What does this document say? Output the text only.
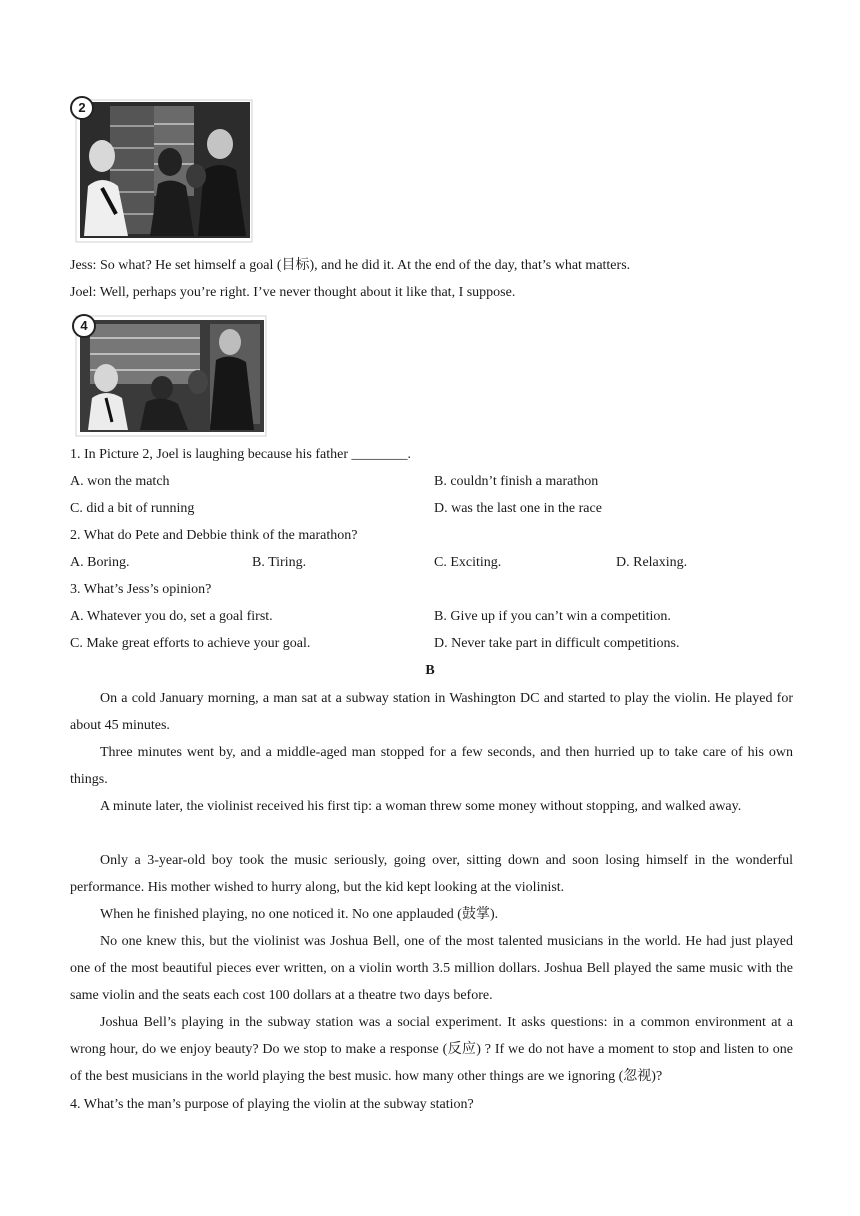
2
Jess: So what? He set himself a goal (目标), and he did it. At the end of the day, that’s what matters.
Joel: Well, perhaps you’re right. I’ve never thought about it like that, I suppose.
4
1. In Picture 2, Joel is laughing because his father ________.
A. won the match	B. couldn’t finish a marathon
C. did a bit of running	D. was the last one in the race
2. What do Pete and Debbie think of the marathon?
A. Boring.	B. Tiring.	C. Exciting.	D. Relaxing.
3. What’s Jess’s opinion?
A. Whatever you do, set a goal first.	B. Give up if you can’t win a competition.
C. Make great efforts to achieve your goal.	D. Never take part in difficult competitions.
B

On a cold January morning, a man sat at a subway station in Washington DC and started to play the violin. He played for about 45 minutes.

Three minutes went by, and a middle-aged man stopped for a few seconds, and then hurried up to take care of his own things.

A minute later, the violinist received his first tip: a woman threw some money without stopping, and walked away.

Only a 3-year-old boy took the music seriously, going over, sitting down and soon losing himself in the wonderful performance. His mother wished to hurry along, but the kid kept looking at the violinist.

When he finished playing, no one noticed it. No one applauded (鼓掌).

No one knew this, but the violinist was Joshua Bell, one of the most talented musicians in the world. He had just played one of the most beautiful pieces ever written, on a violin worth 3.5 million dollars. Joshua Bell played the same music with the same violin and the seats each cost 100 dollars at a theatre two days before.

Joshua Bell’s playing in the subway station was a social experiment. It asks questions: in a common environment at a wrong hour, do we enjoy beauty? Do we stop to make a response (反应) ? If we do not have a moment to stop and listen to one of the best musicians in the world playing the best music. how many other things are we ignoring (忽视)?

4. What’s the man’s purpose of playing the violin at the subway station?
